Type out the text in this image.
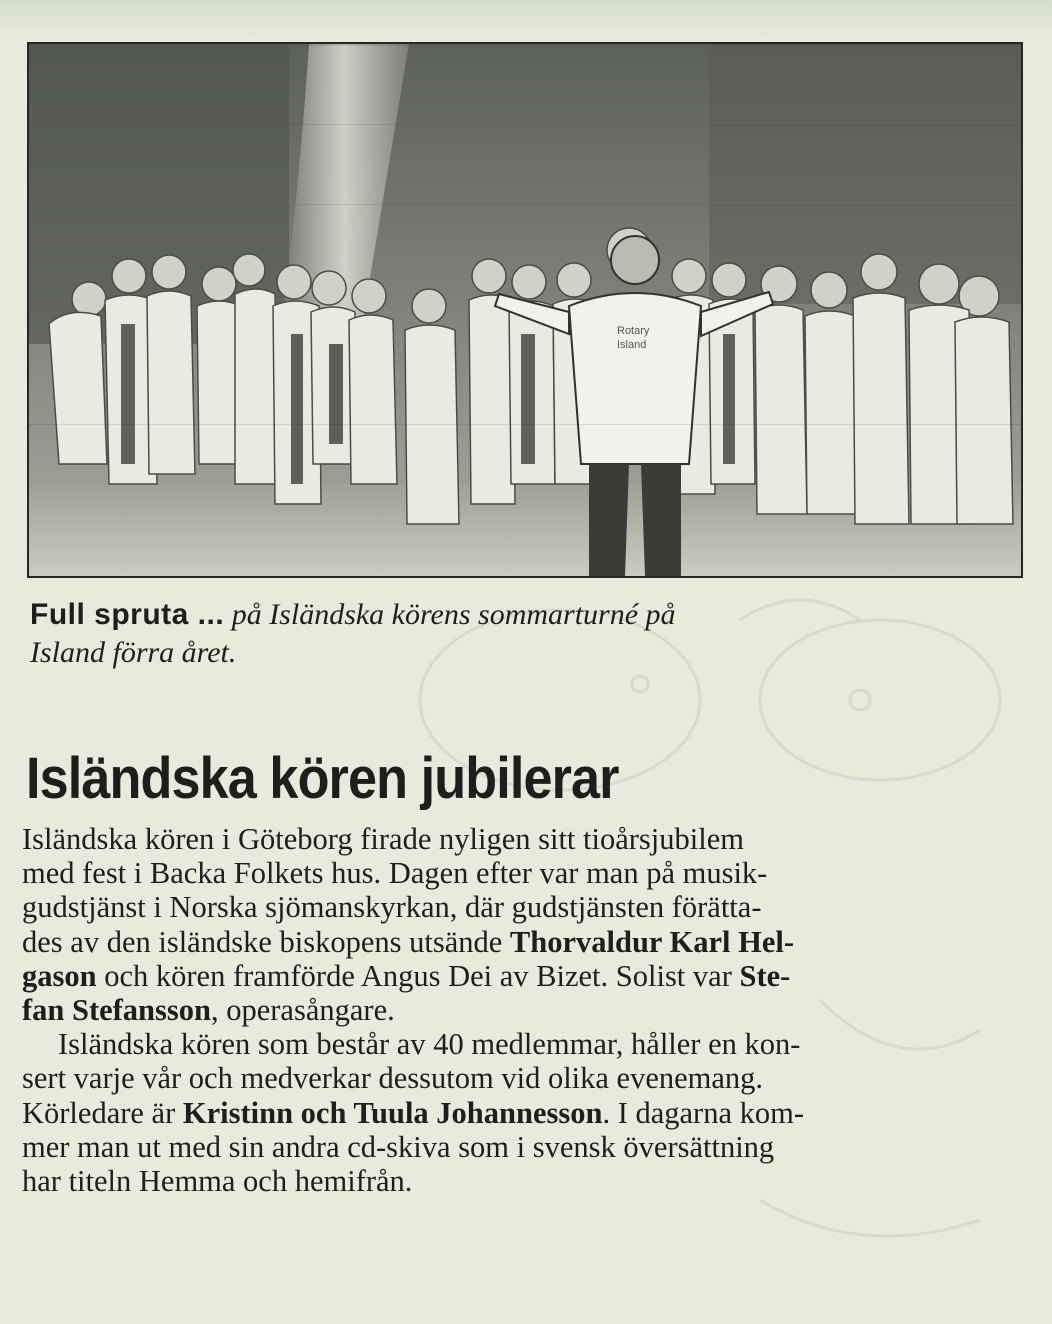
Rotary
Island

Full spruta ... på Isländska körens sommarturné på
Island förra året.

Isländska kören jubilerar
Isländska kören i Göteborg firade nyligen sitt tioårsjubilem
med fest i Backa Folkets hus. Dagen efter var man på musik-
gudstjänst i Norska sjömanskyrkan, där gudstjänsten förätta-
des av den isländske biskopens utsände Thorvaldur Karl Hel-
gason och kören framförde Angus Dei av Bizet. Solist var Ste-
fan Stefansson, operasångare.
Isländska kören som består av 40 medlemmar, håller en kon-
sert varje vår och medverkar dessutom vid olika evenemang.
Körledare är Kristinn och Tuula Johannesson. I dagarna kom-
mer man ut med sin andra cd-skiva som i svensk översättning
har titeln Hemma och hemifrån.
